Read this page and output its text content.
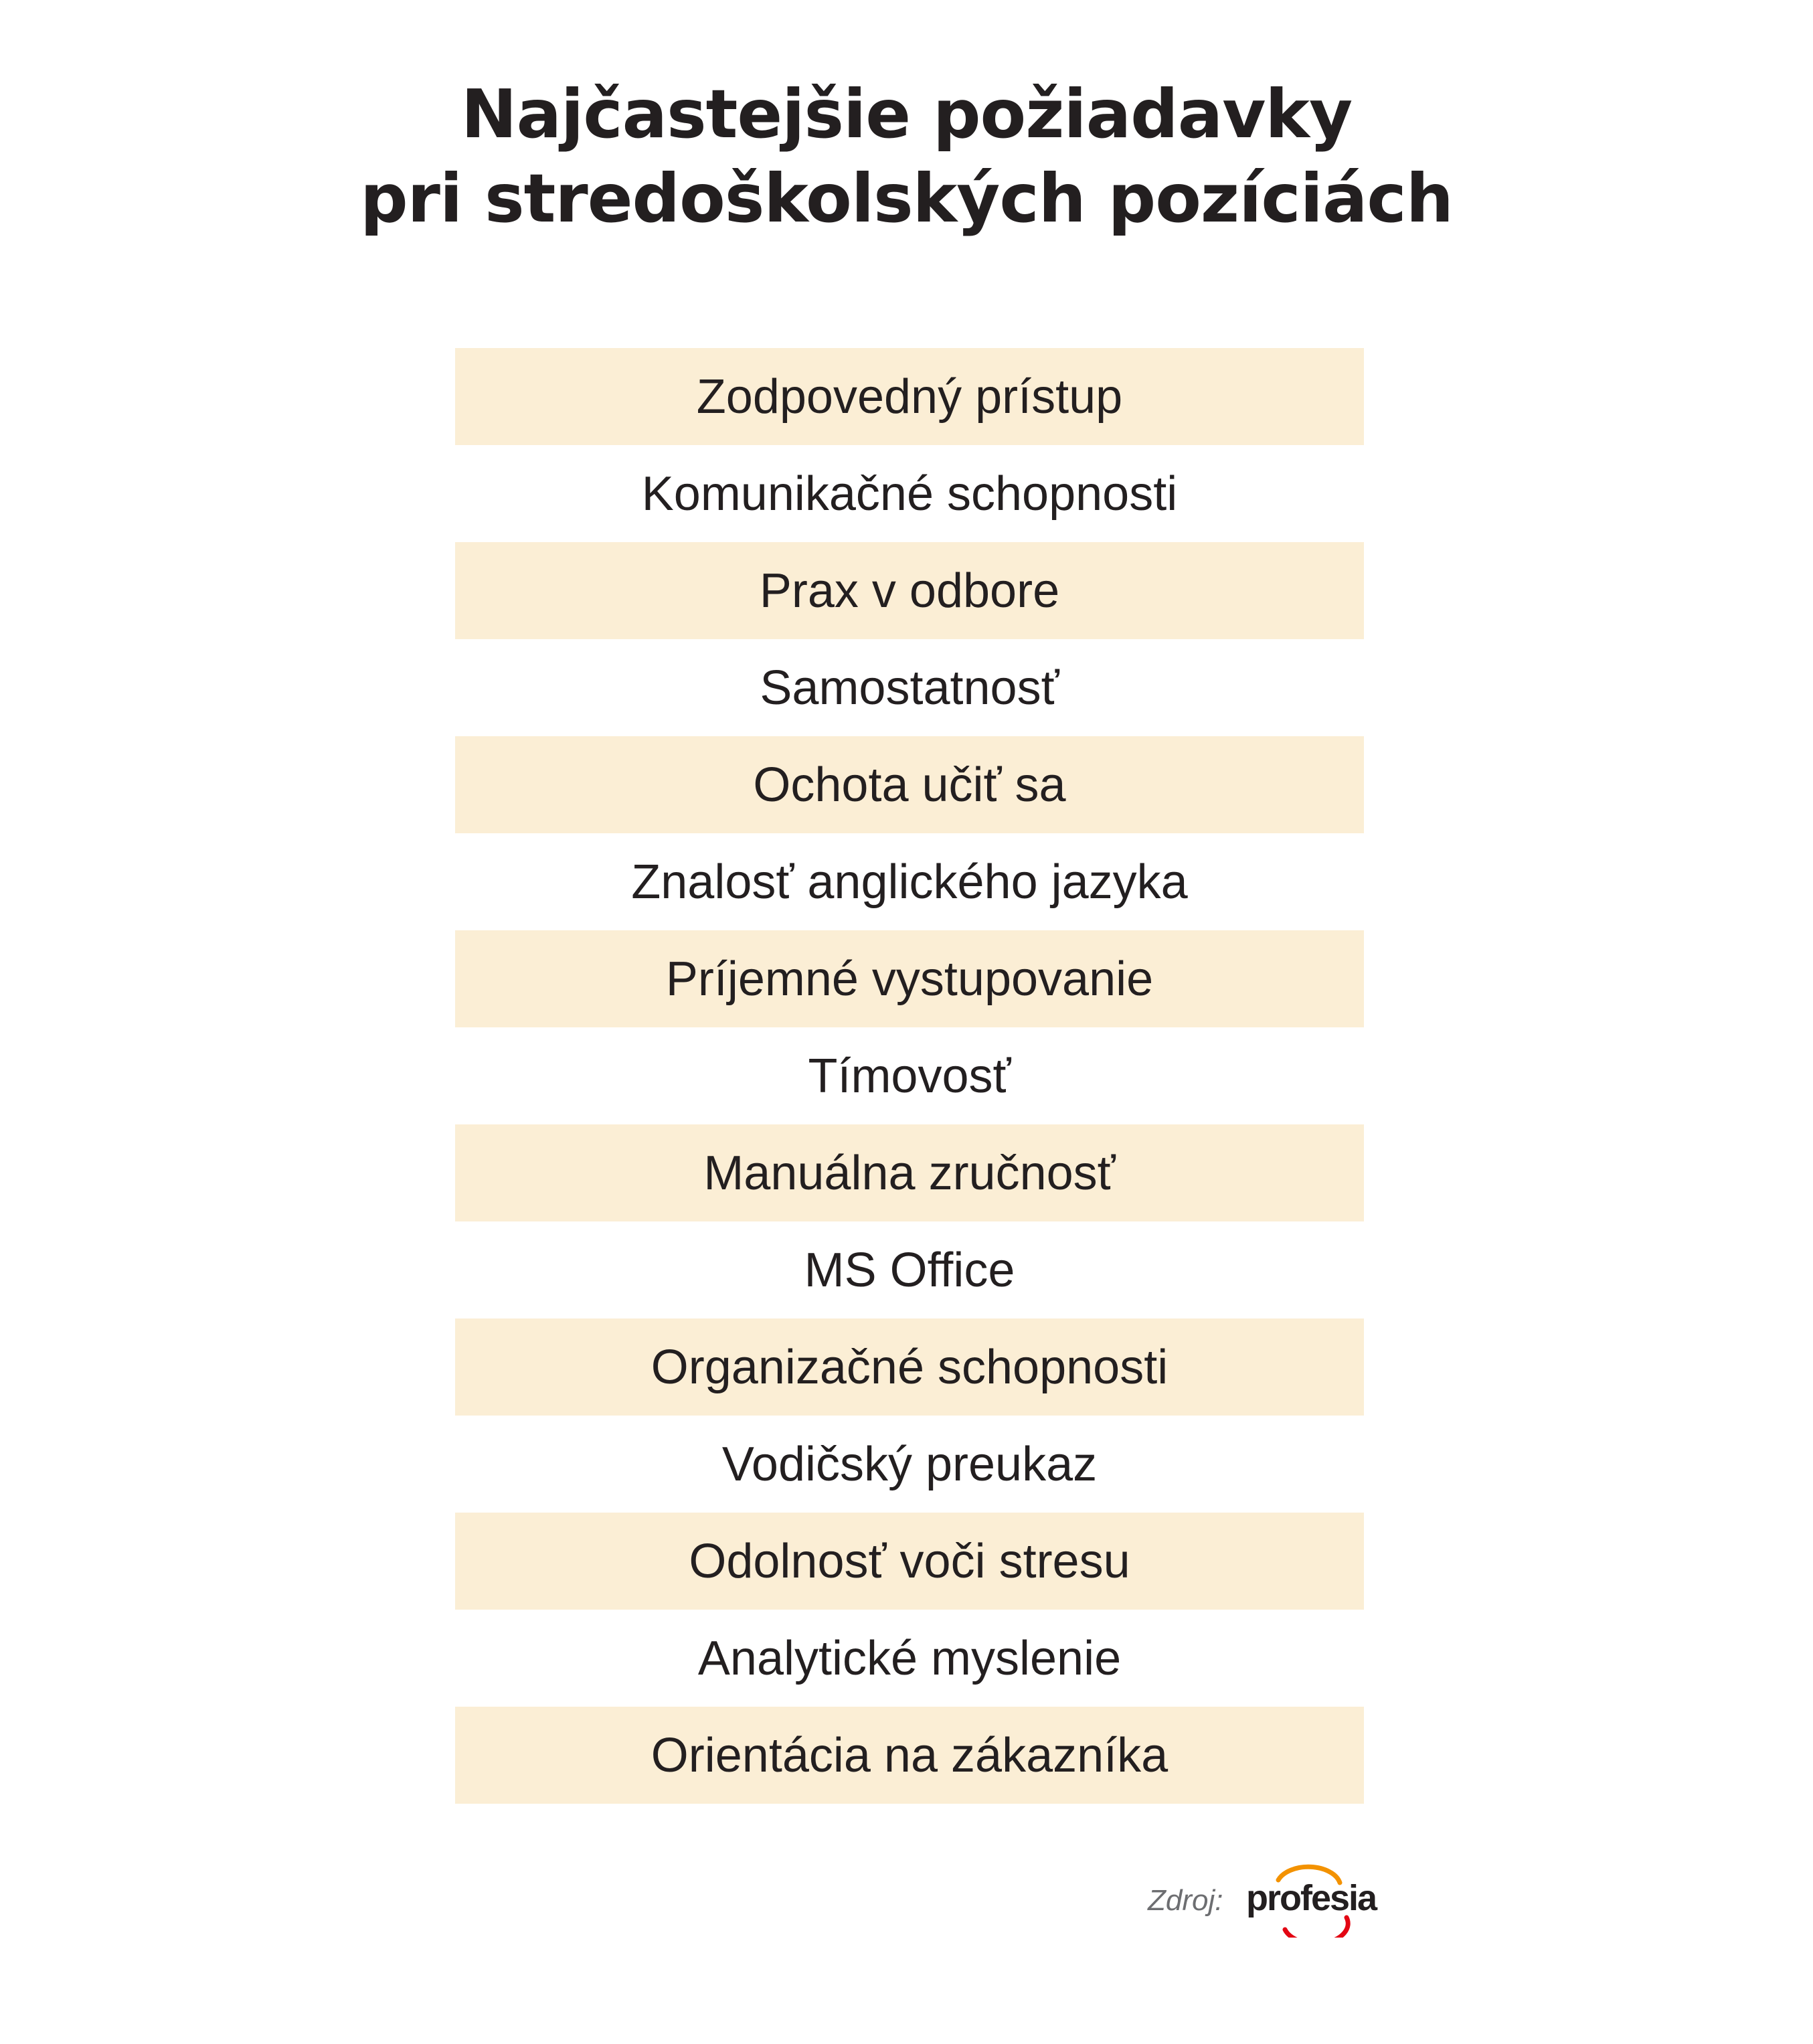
Najčastejšie požiadavky
pri stredoškolských pozíciách
Zodpovedný prístup
Komunikačné schopnosti
Prax v odbore
Samostatnosť
Ochota učiť sa
Znalosť anglického jazyka
Príjemné vystupovanie
Tímovosť
Manuálna zručnosť
MS Office
Organizačné schopnosti
Vodičský preukaz
Odolnosť voči stresu
Analytické myslenie
Orientácia na zákazníka
Zdroj: profesia
